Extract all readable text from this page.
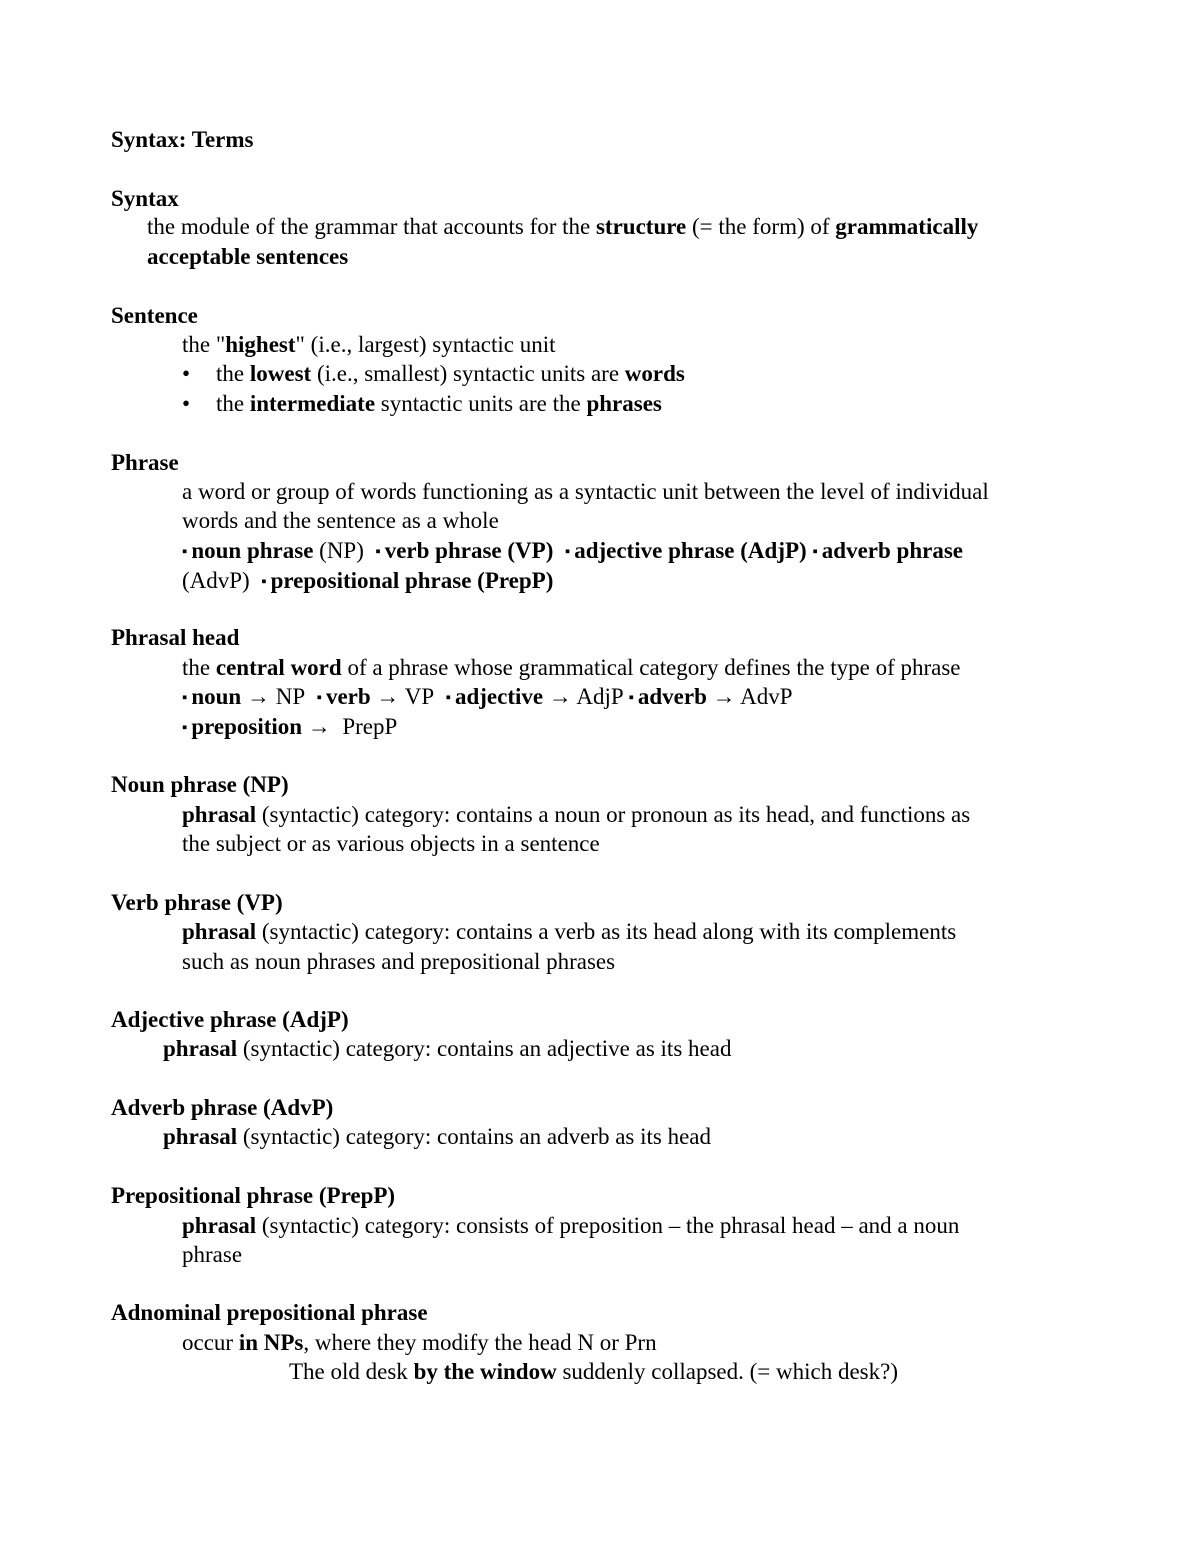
Syntax: Terms
Syntax
the module of the grammar that accounts for the structure (= the form) of grammatically
acceptable sentences
Sentence
the "highest" (i.e., largest) syntactic unit
• the lowest (i.e., smallest) syntactic units are words
• the intermediate syntactic units are the phrases
Phrase
a word or group of words functioning as a syntactic unit between the level of individual
words and the sentence as a whole
▪ noun phrase (NP) ▪ verb phrase (VP) ▪ adjective phrase (AdjP) ▪ adverb phrase
(AdvP) ▪ prepositional phrase (PrepP)
Phrasal head
the central word of a phrase whose grammatical category defines the type of phrase
▪ noun → NP ▪ verb → VP ▪ adjective → AdjP ▪ adverb → AdvP
▪ preposition → PrepP
Noun phrase (NP)
phrasal (syntactic) category: contains a noun or pronoun as its head, and functions as
the subject or as various objects in a sentence
Verb phrase (VP)
phrasal (syntactic) category: contains a verb as its head along with its complements
such as noun phrases and prepositional phrases
Adjective phrase (AdjP)
phrasal (syntactic) category: contains an adjective as its head
Adverb phrase (AdvP)
phrasal (syntactic) category: contains an adverb as its head
Prepositional phrase (PrepP)
phrasal (syntactic) category: consists of preposition – the phrasal head – and a noun
phrase
Adnominal prepositional phrase
occur in NPs, where they modify the head N or Prn
The old desk by the window suddenly collapsed. (= which desk?)
